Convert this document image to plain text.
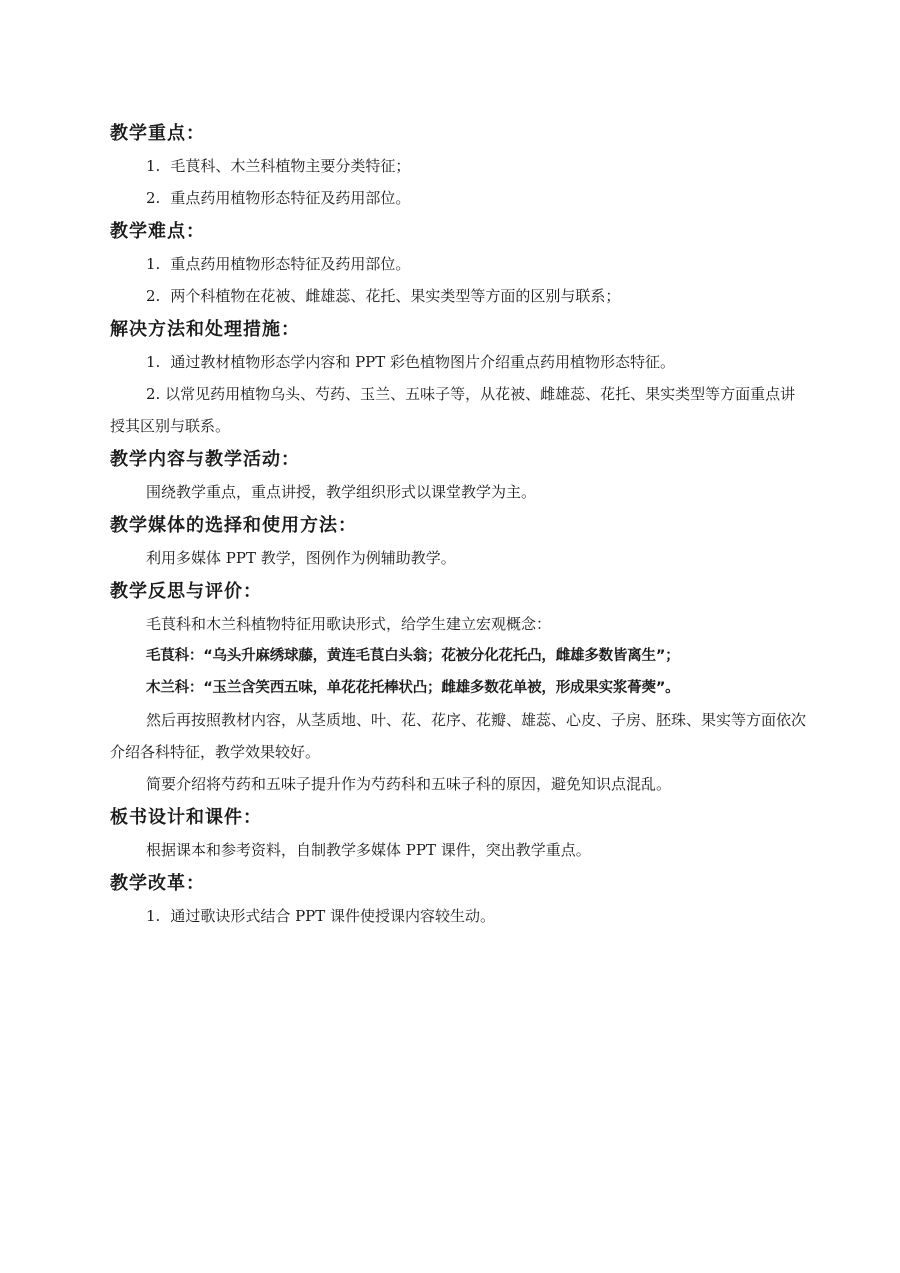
教学重点：
1. 毛茛科、木兰科植物主要分类特征；
2. 重点药用植物形态特征及药用部位。
教学难点：
1. 重点药用植物形态特征及药用部位。
2. 两个科植物在花被、雌雄蕊、花托、果实类型等方面的区别与联系；
解决方法和处理措施：
1. 通过教材植物形态学内容和 PPT 彩色植物图片介绍重点药用植物形态特征。
2. 以常见药用植物乌头、芍药、玉兰、五味子等，从花被、雌雄蕊、花托、果实类型等方面重点讲授其区别与联系。
教学内容与教学活动：
围绕教学重点，重点讲授，教学组织形式以课堂教学为主。
教学媒体的选择和使用方法：
利用多媒体 PPT 教学，图例作为例辅助教学。
教学反思与评价：
毛茛科和木兰科植物特征用歌诀形式，给学生建立宏观概念：
毛茛科：“乌头升麻绣球藤，黄连毛茛白头翁；花被分化花托凸，雌雄多数皆离生”；
木兰科：“玉兰含笑西五味，单花花托棒状凸；雌雄多数花单被，形成果实浆蓇葖”。
然后再按照教材内容，从茎质地、叶、花、花序、花瓣、雄蕊、心皮、子房、胚珠、果实等方面依次介绍各科特征，教学效果较好。
简要介绍将芍药和五味子提升作为芍药科和五味子科的原因，避免知识点混乱。
板书设计和课件：
根据课本和参考资料，自制教学多媒体 PPT 课件，突出教学重点。
教学改革：
1. 通过歌诀形式结合 PPT 课件使授课内容较生动。
